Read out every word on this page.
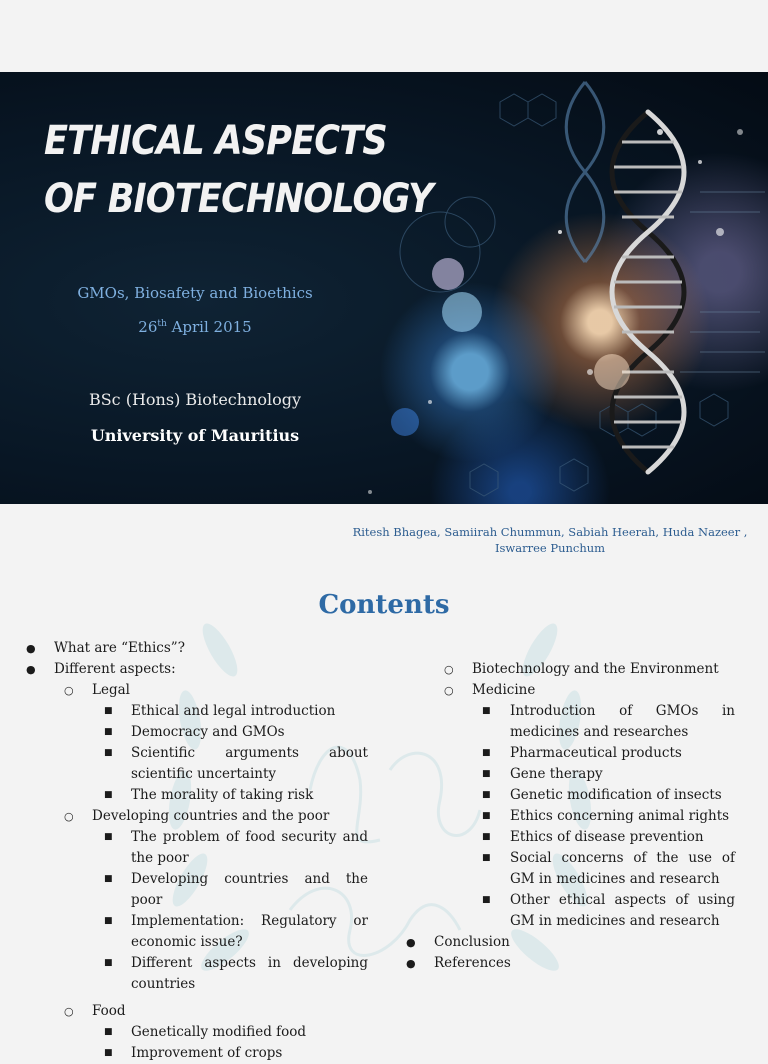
ETHICAL ASPECTS
OF BIOTECHNOLOGY
GMOs, Biosafety and Bioethics
26th April 2015
BSc (Hons) Biotechnology
University of Mauritius
Ritesh Bhagea, Samiirah Chummun, Sabiah Heerah, Huda Nazeer ,
Iswarree Punchum
Contents
● What are “Ethics”?
● Different aspects:
○ Legal
■ Ethical and legal introduction
■ Democracy and GMOs
■ Scientific arguments about scientific uncertainty
■ The morality of taking risk
○ Developing countries and the poor
■ The problem of food security and the poor
■ Developing countries and the poor
■ Implementation: Regulatory or economic issue?
■ Different aspects in developing countries
○ Food
■ Genetically modified food
■ Improvement of crops
○ Biotechnology and the Environment
○ Medicine
■ Introduction of GMOs in medicines and researches
■ Pharmaceutical products
■ Gene therapy
■ Genetic modification of insects
■ Ethics concerning animal rights
■ Ethics of disease prevention
■ Social concerns of the use of GM in medicines and research
■ Other ethical aspects of using GM in medicines and research
● Conclusion
● References
